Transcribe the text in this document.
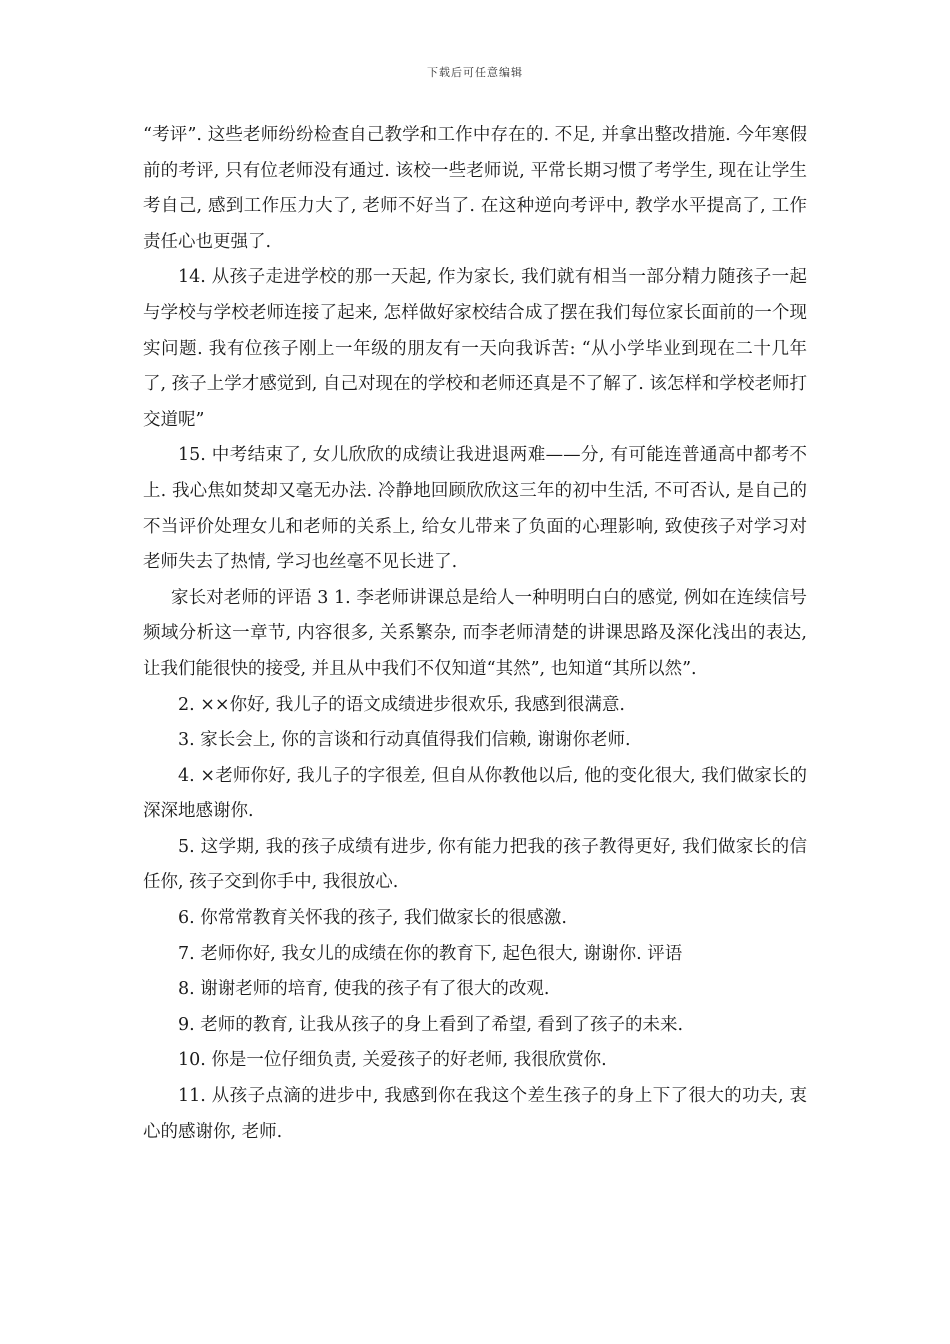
下载后可任意编辑

“考评”. 这些老师纷纷检查自己教学和工作中存在的. 不足, 并拿出整改措施. 今年寒假前的考评, 只有位老师没有通过. 该校一些老师说, 平常长期习惯了考学生, 现在让学生考自己, 感到工作压力大了, 老师不好当了. 在这种逆向考评中, 教学水平提高了, 工作责任心也更强了.

14. 从孩子走进学校的那一天起, 作为家长, 我们就有相当一部分精力随孩子一起与学校与学校老师连接了起来, 怎样做好家校结合成了摆在我们每位家长面前的一个现实问题. 我有位孩子刚上一年级的朋友有一天向我诉苦: “从小学毕业到现在二十几年了, 孩子上学才感觉到, 自己对现在的学校和老师还真是不了解了. 该怎样和学校老师打交道呢”

15. 中考结束了, 女儿欣欣的成绩让我进退两难——分, 有可能连普通高中都考不上. 我心焦如焚却又毫无办法. 冷静地回顾欣欣这三年的初中生活, 不可否认, 是自己的不当评价处理女儿和老师的关系上, 给女儿带来了负面的心理影响, 致使孩子对学习对老师失去了热情, 学习也丝毫不见长进了.

家长对老师的评语 3 1. 李老师讲课总是给人一种明明白白的感觉, 例如在连续信号频域分析这一章节, 内容很多, 关系繁杂, 而李老师清楚的讲课思路及深化浅出的表达, 让我们能很快的接受, 并且从中我们不仅知道“其然”, 也知道“其所以然”.

2. ××你好, 我儿子的语文成绩进步很欢乐, 我感到很满意.

3. 家长会上, 你的言谈和行动真值得我们信赖, 谢谢你老师.

4. ×老师你好, 我儿子的字很差, 但自从你教他以后, 他的变化很大, 我们做家长的深深地感谢你.

5. 这学期, 我的孩子成绩有进步, 你有能力把我的孩子教得更好, 我们做家长的信任你, 孩子交到你手中, 我很放心.

6. 你常常教育关怀我的孩子, 我们做家长的很感激.

7. 老师你好, 我女儿的成绩在你的教育下, 起色很大, 谢谢你. 评语

8. 谢谢老师的培育, 使我的孩子有了很大的改观.

9. 老师的教育, 让我从孩子的身上看到了希望, 看到了孩子的未来.

10. 你是一位仔细负责, 关爱孩子的好老师, 我很欣赏你.

11. 从孩子点滴的进步中, 我感到你在我这个差生孩子的身上下了很大的功夫, 衷心的感谢你, 老师.
